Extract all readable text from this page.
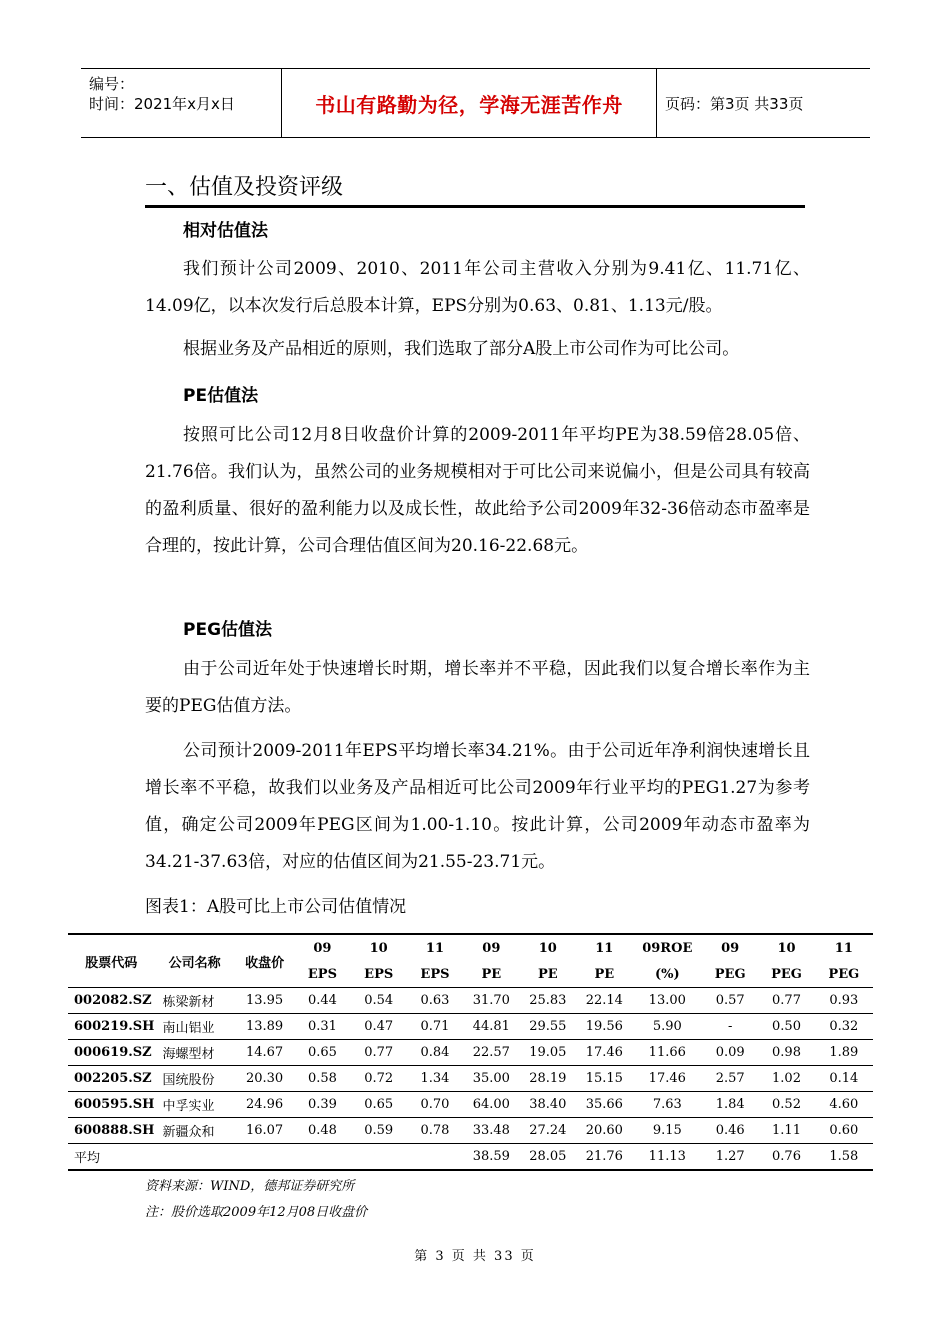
编号：
时间：2021年x月x日	书山有路勤为径，学海无涯苦作舟	页码：第3页 共33页
一、估值及投资评级
相对估值法

我们预计公司2009、2010、2011年公司主营收入分别为9.41亿、11.71亿、14.09亿，以本次发行后总股本计算，EPS分别为0.63、0.81、1.13元/股。

根据业务及产品相近的原则，我们选取了部分A股上市公司作为可比公司。

PE估值法

按照可比公司12月8日收盘价计算的2009-2011年平均PE为38.59倍28.05倍、21.76倍。我们认为，虽然公司的业务规模相对于可比公司来说偏小，但是公司具有较高的盈利质量、很好的盈利能力以及成长性，故此给予公司2009年32-36倍动态市盈率是合理的，按此计算，公司合理估值区间为20.16-22.68元。

PEG估值法

由于公司近年处于快速增长时期，增长率并不平稳，因此我们以复合增长率作为主要的PEG估值方法。

公司预计2009-2011年EPS平均增长率34.21%。由于公司近年净利润快速增长且增长率不平稳，故我们以业务及产品相近可比公司2009年行业平均的PEG1.27为参考值，确定公司2009年PEG区间为1.00-1.10。按此计算，公司2009年动态市盈率为34.21-37.63倍，对应的估值区间为21.55-23.71元。

图表1：A股可比上市公司估值情况
股票代码	公司名称	收盘价	09	10	11	09	10	11	09ROE	09	10	11
			EPS	EPS	EPS	PE	PE	PE	(%)	PEG	PEG	PEG
002082.SZ	栋梁新材	13.95	0.44	0.54	0.63	31.70	25.83	22.14	13.00	0.57	0.77	0.93
600219.SH	南山铝业	13.89	0.31	0.47	0.71	44.81	29.55	19.56	5.90	-	0.50	0.32
000619.SZ	海螺型材	14.67	0.65	0.77	0.84	22.57	19.05	17.46	11.66	0.09	0.98	1.89
002205.SZ	国统股份	20.30	0.58	0.72	1.34	35.00	28.19	15.15	17.46	2.57	1.02	0.14
600595.SH	中孚实业	24.96	0.39	0.65	0.70	64.00	38.40	35.66	7.63	1.84	0.52	4.60
600888.SH	新疆众和	16.07	0.48	0.59	0.78	33.48	27.24	20.60	9.15	0.46	1.11	0.60
平均						38.59	28.05	21.76	11.13	1.27	0.76	1.58
资料来源：WIND，德邦证券研究所
注：股价选取2009年12月08日收盘价
第 3 页 共 33 页
